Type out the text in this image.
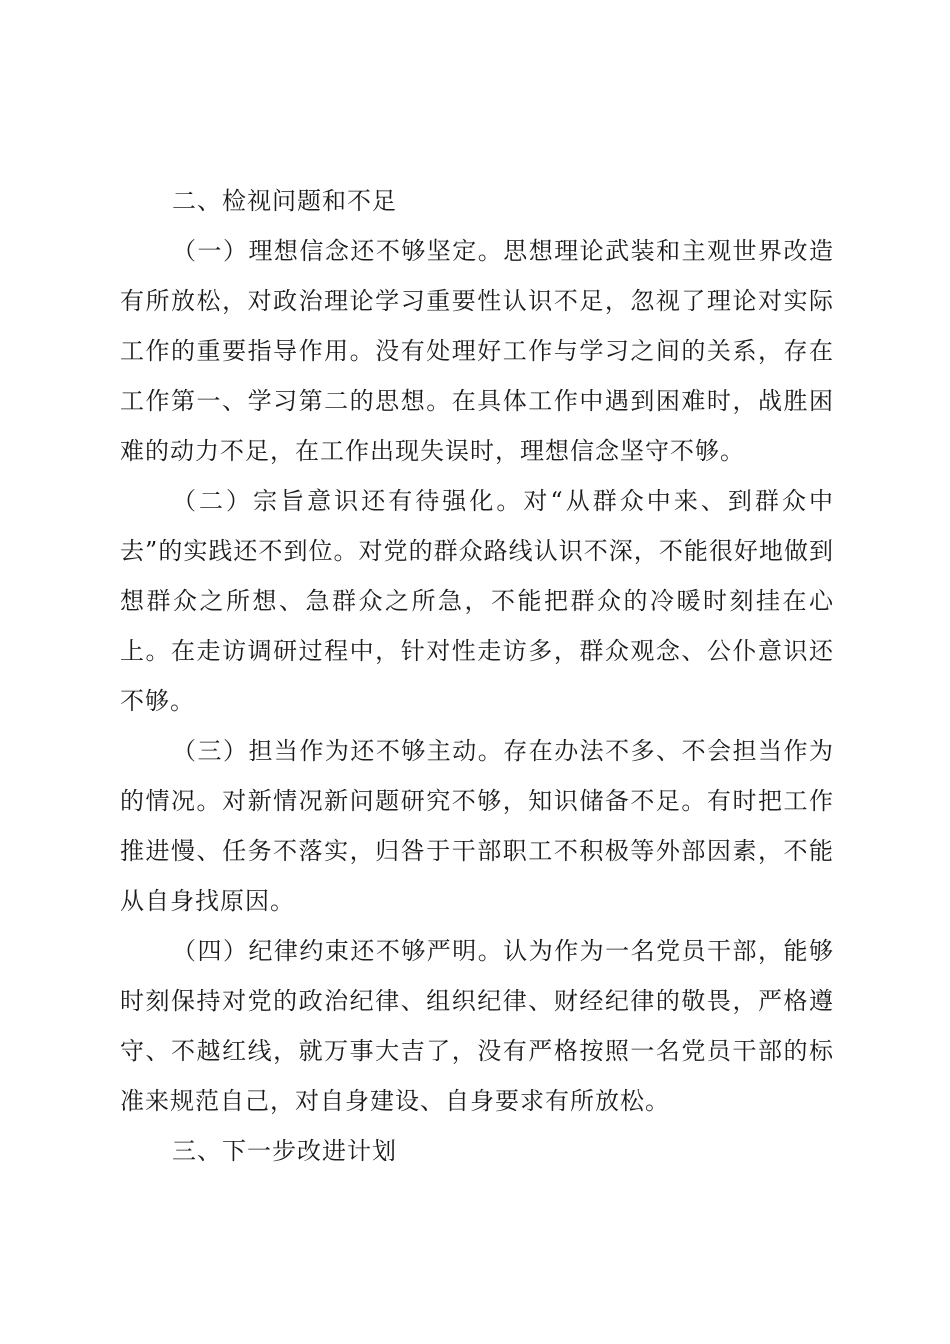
二、检视问题和不足

（一）理想信念还不够坚定。思想理论武装和主观世界改造有所放松，对政治理论学习重要性认识不足，忽视了理论对实际工作的重要指导作用。没有处理好工作与学习之间的关系，存在工作第一、学习第二的思想。在具体工作中遇到困难时，战胜困难的动力不足，在工作出现失误时，理想信念坚守不够。

（二）宗旨意识还有待强化。对“从群众中来、到群众中去”的实践还不到位。对党的群众路线认识不深，不能很好地做到想群众之所想、急群众之所急，不能把群众的冷暖时刻挂在心上。在走访调研过程中，针对性走访多，群众观念、公仆意识还不够。

（三）担当作为还不够主动。存在办法不多、不会担当作为的情况。对新情况新问题研究不够，知识储备不足。有时把工作推进慢、任务不落实，归咎于干部职工不积极等外部因素，不能从自身找原因。

（四）纪律约束还不够严明。认为作为一名党员干部，能够时刻保持对党的政治纪律、组织纪律、财经纪律的敬畏，严格遵守、不越红线，就万事大吉了，没有严格按照一名党员干部的标准来规范自己，对自身建设、自身要求有所放松。

三、下一步改进计划
